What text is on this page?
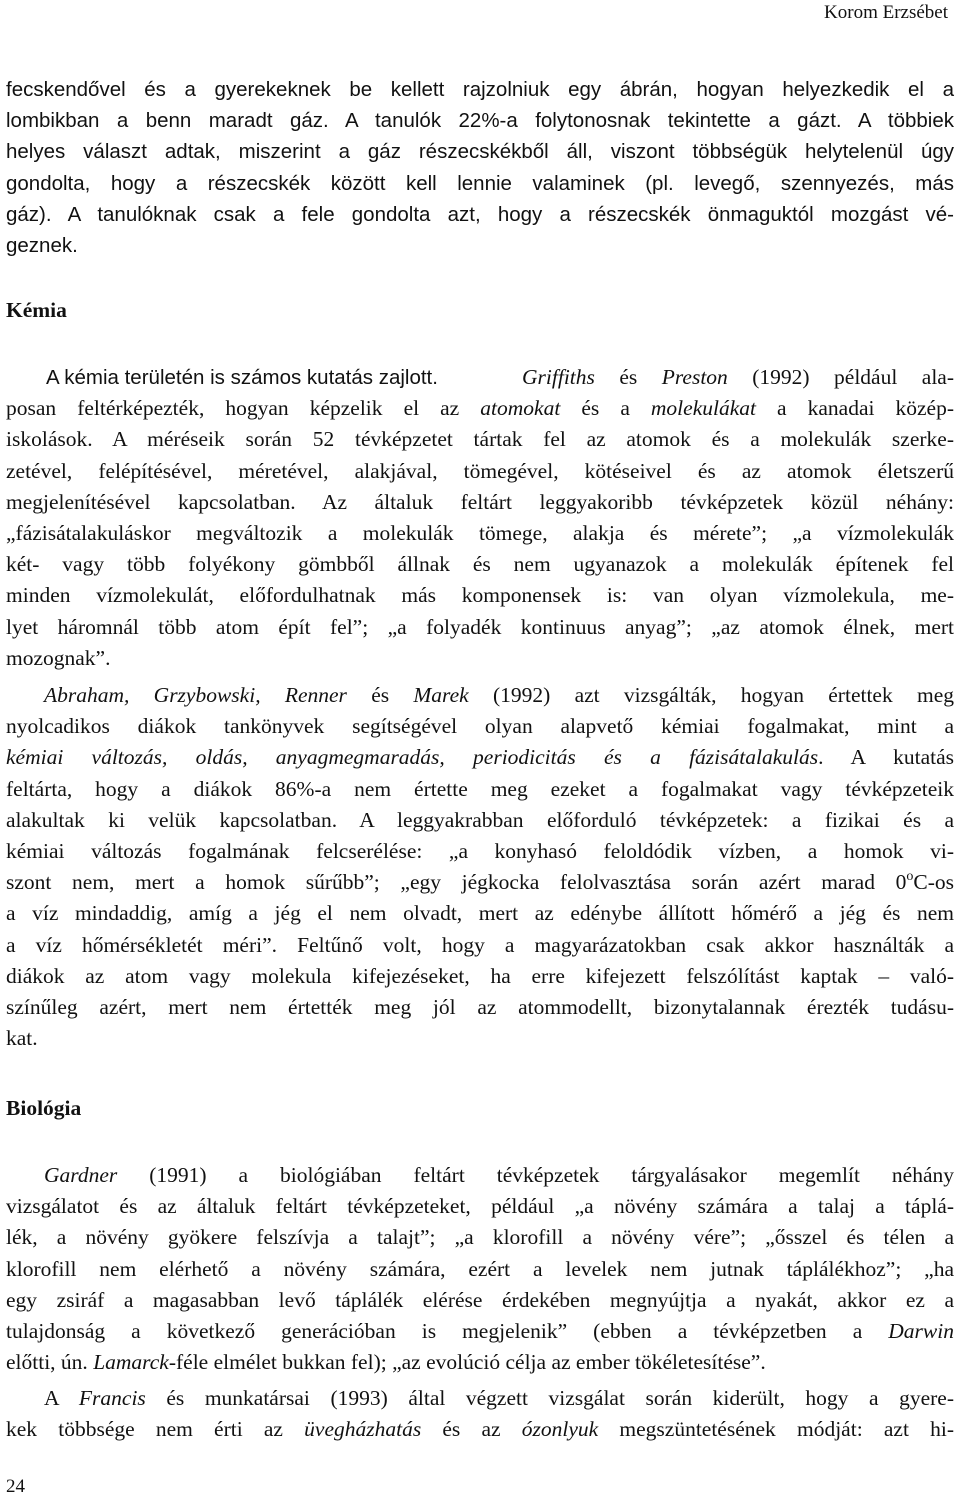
Korom Erzsébet
fecskendővel és a gyerekeknek be kellett rajzolniuk egy ábrán, hogyan helyezkedik el a
lombikban a benn maradt gáz. A tanulók 22%-a folytonosnak tekintette a gázt. A többiek
helyes választ adtak, miszerint a gáz részecskékből áll, viszont többségük helytelenül úgy
gondolta, hogy a részecskék között kell lennie valaminek (pl. levegő, szennyezés, más
gáz). A tanulóknak csak a fele gondolta azt, hogy a részecskék önmaguktól mozgást vé-
geznek.
Kémia
A kémia területén is számos kutatás zajlott.	Griffiths és Preston (1992) például ala-
posan feltérképezték, hogyan képzelik el az atomokat és a molekulákat a kanadai közép-
iskolások. A méréseik során 52 tévképzetet tártak fel az atomok és a molekulák szerke-
zetével, felépítésével, méretével, alakjával, tömegével, kötéseivel és az atomok életszerű
megjelenítésével kapcsolatban. Az általuk feltárt leggyakoribb tévképzetek közül néhány:
„fázisátalakuláskor megváltozik a molekulák tömege, alakja és mérete”; „a vízmolekulák
két- vagy több folyékony gömbből állnak és nem ugyanazok a molekulák építenek fel
minden vízmolekulát, előfordulhatnak más komponensek is: van olyan vízmolekula, me-
lyet háromnál több atom épít fel”; „a folyadék kontinuus anyag”; „az atomok élnek, mert
mozognak”.
Abraham, Grzybowski, Renner és Marek (1992) azt vizsgálták, hogyan értettek meg
nyolcadikos diákok tankönyvek segítségével olyan alapvető kémiai fogalmakat, mint a
kémiai változás, oldás, anyagmegmaradás, periodicitás és a fázisátalakulás. A kutatás
feltárta, hogy a diákok 86%-a nem értette meg ezeket a fogalmakat vagy tévképzeteik
alakultak ki velük kapcsolatban. A leggyakrabban előforduló tévképzetek: a fizikai és a
kémiai változás fogalmának felcserélése: „a konyhasó feloldódik vízben, a homok vi-
szont nem, mert a homok sűrűbb”; „egy jégkocka felolvasztása során azért marad 0$^o$C-os
a víz mindaddig, amíg a jég el nem olvadt, mert az edénybe állított hőmérő a jég és nem
a víz hőmérsékletét méri”. Feltűnő volt, hogy a magyarázatokban csak akkor használták a
diákok az atom vagy molekula kifejezéseket, ha erre kifejezett felszólítást kaptak – való-
színűleg azért, mert nem értették meg jól az atommodellt, bizonytalannak érezték tudásu-
kat.
Biológia
Gardner (1991) a biológiában feltárt tévképzetek tárgyalásakor megemlít néhány
vizsgálatot és az általuk feltárt tévképzeteket, például „a növény számára a talaj a táplá-
lék, a növény gyökere felszívja a talajt”; „a klorofill a növény vére”; „ősszel és télen a
klorofill nem elérhető a növény számára, ezért a levelek nem jutnak táplálékhoz”; „ha
egy zsiráf a magasabban levő táplálék elérése érdekében megnyújtja a nyakát, akkor ez a
tulajdonság a következő generációban is megjelenik” (ebben a tévképzetben a Darwin
előtti, ún. Lamarck-féle elmélet bukkan fel); „az evolúció célja az ember tökéletesítése”.
A Francis és munkatársai (1993) által végzett vizsgálat során kiderült, hogy a gyere-
kek többsége nem érti az üvegházhatás és az ózonlyuk megszüntetésének módját: azt hi-
24
